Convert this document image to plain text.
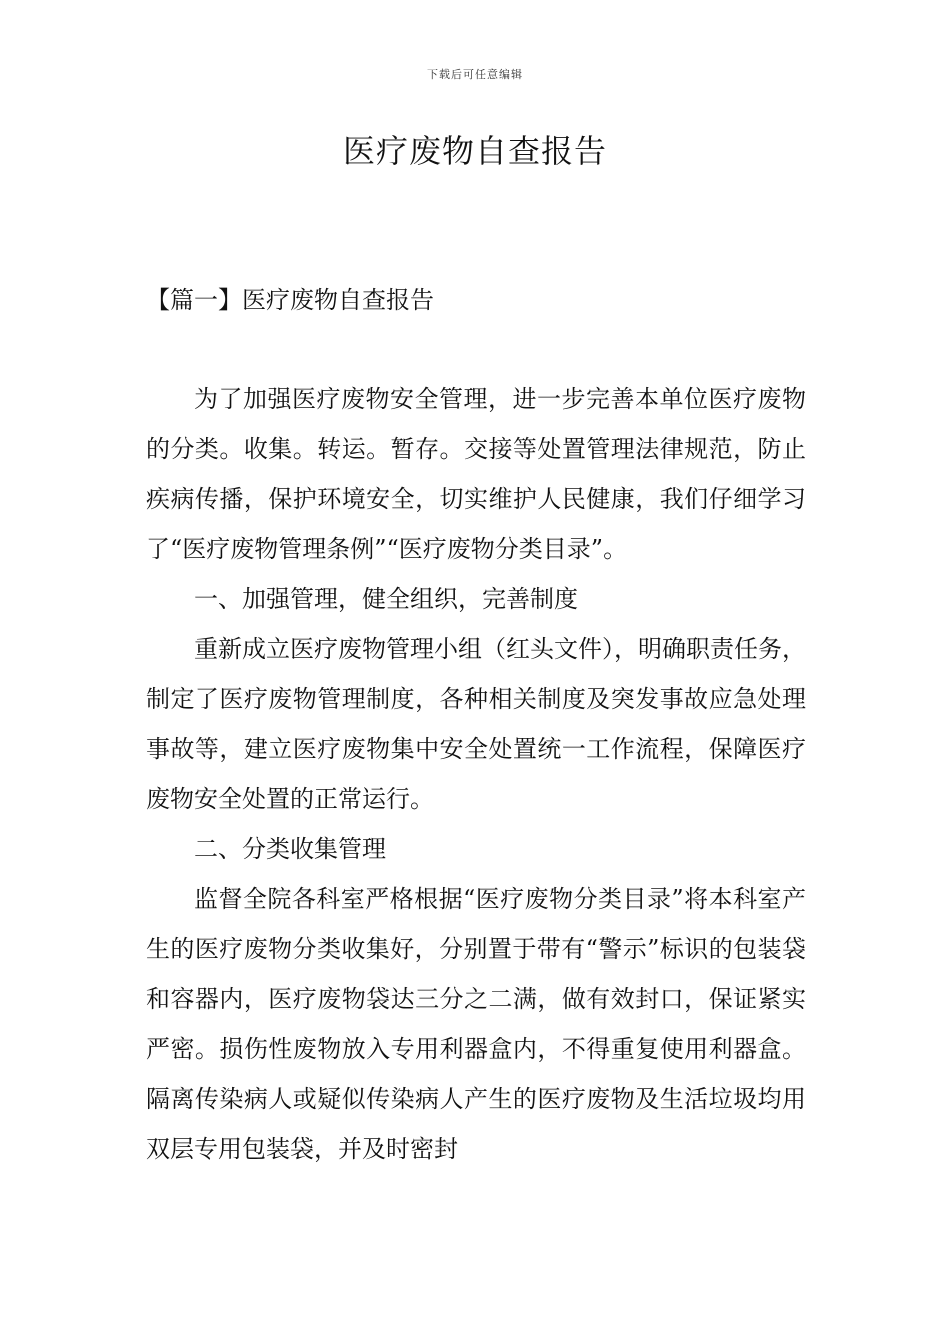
下载后可任意编辑
医疗废物自查报告
【篇一】医疗废物自查报告

为了加强医疗废物安全管理，进一步完善本单位医疗废物的分类。收集。转运。暂存。交接等处置管理法律规范，防止疾病传播，保护环境安全，切实维护人民健康，我们仔细学习了“医疗废物管理条例”“医疗废物分类目录”。

一、加强管理，健全组织，完善制度

重新成立医疗废物管理小组（红头文件），明确职责任务，制定了医疗废物管理制度，各种相关制度及突发事故应急处理事故等，建立医疗废物集中安全处置统一工作流程，保障医疗废物安全处置的正常运行。

二、分类收集管理

监督全院各科室严格根据“医疗废物分类目录”将本科室产生的医疗废物分类收集好，分别置于带有“警示”标识的包装袋和容器内，医疗废物袋达三分之二满，做有效封口，保证紧实严密。损伤性废物放入专用利器盒内，不得重复使用利器盒。隔离传染病人或疑似传染病人产生的医疗废物及生活垃圾均用双层专用包装袋，并及时密封
